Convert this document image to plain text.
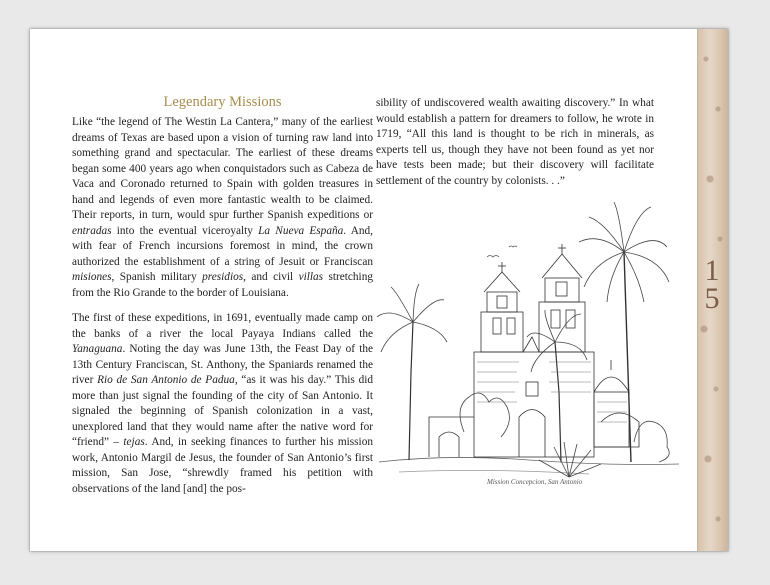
Legendary Missions

Like “the legend of The Westin La Cantera,” many of the earliest dreams of Texas are based upon a vision of turning raw land into something grand and spectacular. The earliest of these dreams began some 400 years ago when conquistadors such as Cabeza de Vaca and Coronado returned to Spain with golden treasures in hand and legends of even more fantastic wealth to be claimed. Their reports, in turn, would spur further Spanish expeditions or entradas into the eventual viceroyalty La Nueva España. And, with fear of French incursions foremost in mind, the crown authorized the establishment of a string of Jesuit or Franciscan misiones, Spanish military presidios, and civil villas stretching from the Rio Grande to the border of Louisiana.

The first of these expeditions, in 1691, eventually made camp on the banks of a river the local Payaya Indians called the Yanaguana. Noting the day was June 13th, the Feast Day of the 13th Century Franciscan, St. Anthony, the Spaniards renamed the river Rio de San Antonio de Padua, “as it was his day.” This did more than just signal the founding of the city of San Antonio. It signaled the beginning of Spanish colonization in a vast, unexplored land that they would name after the native word for “friend” – tejas. And, in seeking finances to further his mission work, Antonio Margil de Jesus, the founder of San Antonio’s first mission, San Jose, “shrewdly framed his petition with observations of the land [and] the pos-

sibility of undiscovered wealth awaiting discovery.” In what would establish a pattern for dreamers to follow, he wrote in 1719, “All this land is thought to be rich in minerals, as experts tell us, though they have not been found as yet nor have tests been made; but their discovery will facilitate settlement of the country by colonists. . .”

Mission Concepcion, San Antonio
1
5
